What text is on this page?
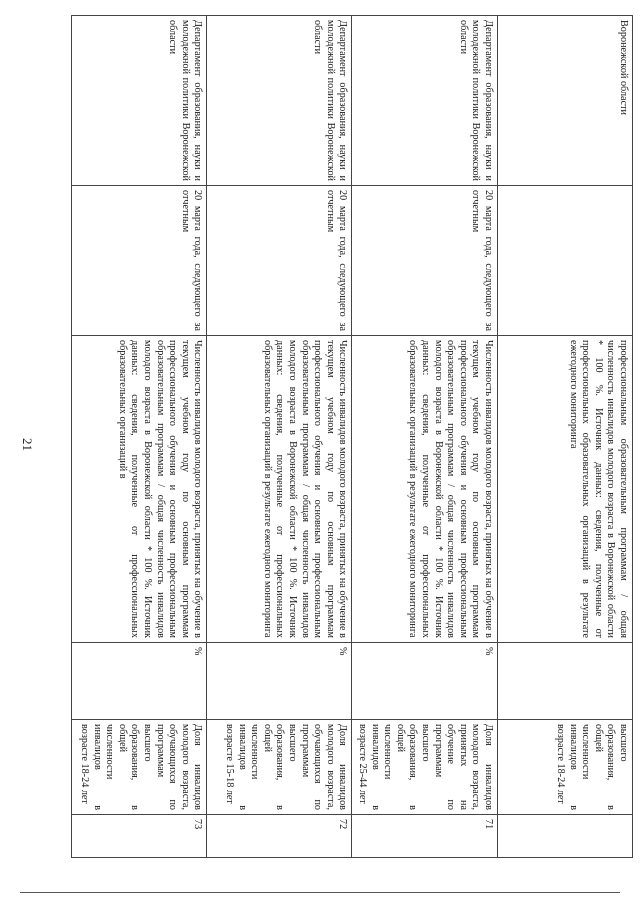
21
Воронежской области		профессиональным образовательным программам / общая численность инвалидов молодого возраста в Воронежской области * 100 %. Источник данных: сведения, полученные от профессиональных образовательных организаций в результате ежегодного мониторинга		высшего образования, в общей численности инвалидов в возрасте 18-24 лет	
Департамент образования, науки и молодежной политики Воронежской области	20 марта года, следующего за отчетным	Численность инвалидов молодого возраста, принятых на обучение в текущем учебном году по основным программам профессионального обучения и основным профессиональным образовательным программам / общая численность инвалидов молодого возраста в Воронежской области * 100 %. Источник данных: сведения, полученные от профессиональных образовательных организаций в результате ежегодного мониторинга	%	Доля инвалидов молодого возраста, принятых на обучение по программам высшего образования, в общей численности инвалидов в возрасте 25-44 лет	71
Департамент образования, науки и молодежной политики Воронежской области	20 марта года, следующего за отчетным	Численность инвалидов молодого возраста, принятых на обучение в текущем учебном году по основным программам профессионального обучения и основным профессиональным образовательным программам / общая численность инвалидов молодого возраста в Воронежской области * 100 %. Источник данных: сведения, полученные от профессиональных образовательных организаций в результате ежегодного мониторинга	%	Доля инвалидов молодого возраста, обучающихся по программам высшего образования, в общей численности инвалидов в возрасте 15-18 лет	72
Департамент образования, науки и молодежной политики Воронежской области	20 марта года, следующего за отчетным	Численность инвалидов молодого возраста, принятых на обучение в текущем учебном году по основным программам профессионального обучения и основным профессиональным образовательным программам / общая численность инвалидов молодого возраста в Воронежской области * 100 %. Источник данных: сведения, полученные от профессиональных образовательных организаций в	%	Доля инвалидов молодого возраста, обучающихся по программам высшего образования, в общей численности инвалидов в возрасте 18-24 лет	73
